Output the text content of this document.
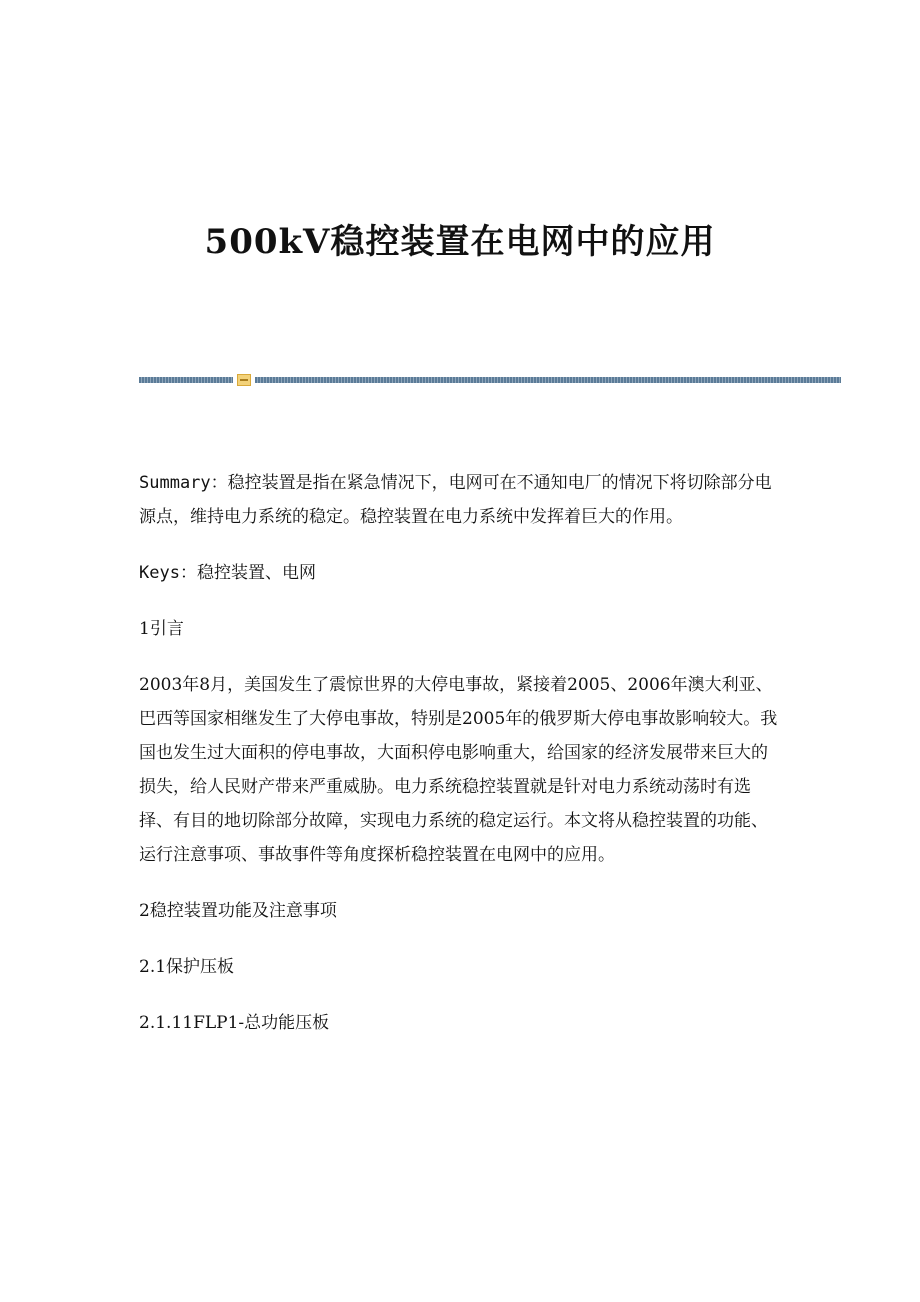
500kV稳控装置在电网中的应用

Summary：稳控装置是指在紧急情况下，电网可在不通知电厂的情况下将切除部分电源点，维持电力系统的稳定。稳控装置在电力系统中发挥着巨大的作用。

Keys：稳控装置、电网

1引言

2003年8月，美国发生了震惊世界的大停电事故，紧接着2005、2006年澳大利亚、巴西等国家相继发生了大停电事故，特别是2005年的俄罗斯大停电事故影响较大。我国也发生过大面积的停电事故，大面积停电影响重大，给国家的经济发展带来巨大的损失，给人民财产带来严重威胁。电力系统稳控装置就是针对电力系统动荡时有选择、有目的地切除部分故障，实现电力系统的稳定运行。本文将从稳控装置的功能、运行注意事项、事故事件等角度探析稳控装置在电网中的应用。

2稳控装置功能及注意事项

2.1保护压板

2.1.11FLP1-总功能压板
